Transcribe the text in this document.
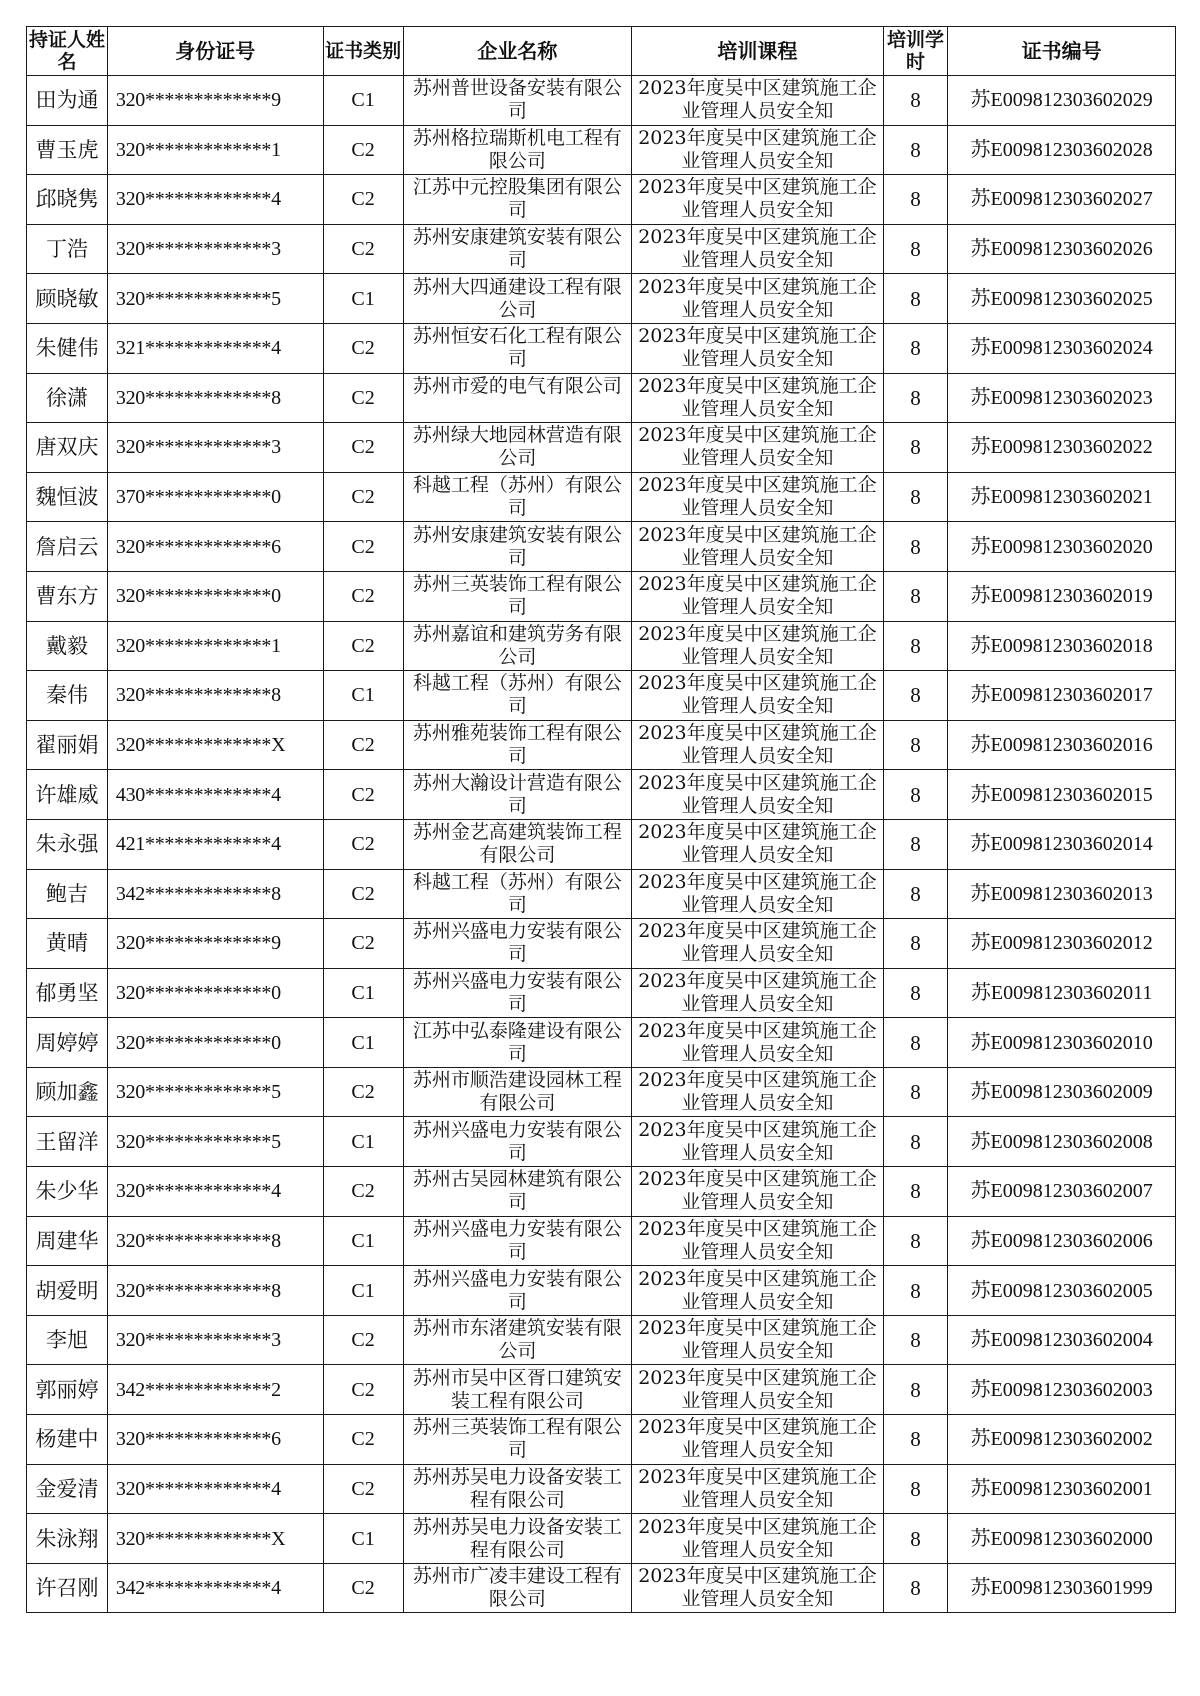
持证人姓名	身份证号	证书类别	企业名称	培训课程	培训学时	证书编号
田为通	320*************9	C1	苏州普世设备安装有限公司	2023年度吴中区建筑施工企业管理人员安全知	8	苏E009812303602029
曹玉虎	320*************1	C2	苏州格拉瑞斯机电工程有限公司	2023年度吴中区建筑施工企业管理人员安全知	8	苏E009812303602028
邱晓隽	320*************4	C2	江苏中元控股集团有限公司	2023年度吴中区建筑施工企业管理人员安全知	8	苏E009812303602027
丁浩	320*************3	C2	苏州安康建筑安装有限公司	2023年度吴中区建筑施工企业管理人员安全知	8	苏E009812303602026
顾晓敏	320*************5	C1	苏州大四通建设工程有限公司	2023年度吴中区建筑施工企业管理人员安全知	8	苏E009812303602025
朱健伟	321*************4	C2	苏州恒安石化工程有限公司	2023年度吴中区建筑施工企业管理人员安全知	8	苏E009812303602024
徐潇	320*************8	C2	苏州市爱的电气有限公司	2023年度吴中区建筑施工企业管理人员安全知	8	苏E009812303602023
唐双庆	320*************3	C2	苏州绿大地园林营造有限公司	2023年度吴中区建筑施工企业管理人员安全知	8	苏E009812303602022
魏恒波	370*************0	C2	科越工程（苏州）有限公司	2023年度吴中区建筑施工企业管理人员安全知	8	苏E009812303602021
詹启云	320*************6	C2	苏州安康建筑安装有限公司	2023年度吴中区建筑施工企业管理人员安全知	8	苏E009812303602020
曹东方	320*************0	C2	苏州三英装饰工程有限公司	2023年度吴中区建筑施工企业管理人员安全知	8	苏E009812303602019
戴毅	320*************1	C2	苏州嘉谊和建筑劳务有限公司	2023年度吴中区建筑施工企业管理人员安全知	8	苏E009812303602018
秦伟	320*************8	C1	科越工程（苏州）有限公司	2023年度吴中区建筑施工企业管理人员安全知	8	苏E009812303602017
翟丽娟	320*************X	C2	苏州雅苑装饰工程有限公司	2023年度吴中区建筑施工企业管理人员安全知	8	苏E009812303602016
许雄威	430*************4	C2	苏州大瀚设计营造有限公司	2023年度吴中区建筑施工企业管理人员安全知	8	苏E009812303602015
朱永强	421*************4	C2	苏州金艺高建筑装饰工程有限公司	2023年度吴中区建筑施工企业管理人员安全知	8	苏E009812303602014
鲍吉	342*************8	C2	科越工程（苏州）有限公司	2023年度吴中区建筑施工企业管理人员安全知	8	苏E009812303602013
黄晴	320*************9	C2	苏州兴盛电力安装有限公司	2023年度吴中区建筑施工企业管理人员安全知	8	苏E009812303602012
郁勇坚	320*************0	C1	苏州兴盛电力安装有限公司	2023年度吴中区建筑施工企业管理人员安全知	8	苏E009812303602011
周婷婷	320*************0	C1	江苏中弘泰隆建设有限公司	2023年度吴中区建筑施工企业管理人员安全知	8	苏E009812303602010
顾加鑫	320*************5	C2	苏州市顺浩建设园林工程有限公司	2023年度吴中区建筑施工企业管理人员安全知	8	苏E009812303602009
王留洋	320*************5	C1	苏州兴盛电力安装有限公司	2023年度吴中区建筑施工企业管理人员安全知	8	苏E009812303602008
朱少华	320*************4	C2	苏州古吴园林建筑有限公司	2023年度吴中区建筑施工企业管理人员安全知	8	苏E009812303602007
周建华	320*************8	C1	苏州兴盛电力安装有限公司	2023年度吴中区建筑施工企业管理人员安全知	8	苏E009812303602006
胡爱明	320*************8	C1	苏州兴盛电力安装有限公司	2023年度吴中区建筑施工企业管理人员安全知	8	苏E009812303602005
李旭	320*************3	C2	苏州市东渚建筑安装有限公司	2023年度吴中区建筑施工企业管理人员安全知	8	苏E009812303602004
郭丽婷	342*************2	C2	苏州市吴中区胥口建筑安装工程有限公司	2023年度吴中区建筑施工企业管理人员安全知	8	苏E009812303602003
杨建中	320*************6	C2	苏州三英装饰工程有限公司	2023年度吴中区建筑施工企业管理人员安全知	8	苏E009812303602002
金爱清	320*************4	C2	苏州苏吴电力设备安装工程有限公司	2023年度吴中区建筑施工企业管理人员安全知	8	苏E009812303602001
朱泳翔	320*************X	C1	苏州苏吴电力设备安装工程有限公司	2023年度吴中区建筑施工企业管理人员安全知	8	苏E009812303602000
许召刚	342*************4	C2	苏州市广凌丰建设工程有限公司	2023年度吴中区建筑施工企业管理人员安全知	8	苏E009812303601999
